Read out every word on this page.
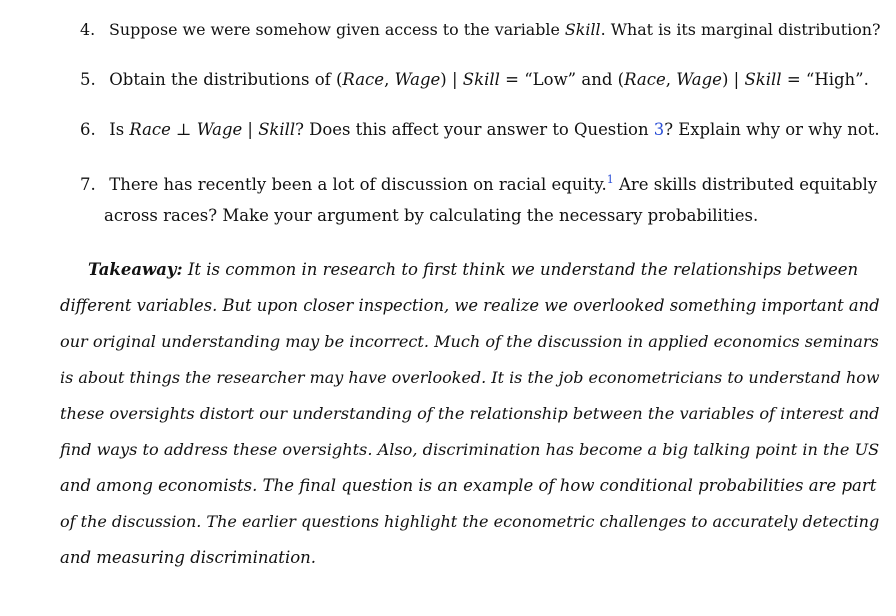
4. Suppose we were somehow given access to the variable Skill. What is its marginal distribution?
5. Obtain the distributions of (Race, Wage) | Skill = “Low” and (Race, Wage) | Skill = “High”.
6. Is Race ⊥ Wage | Skill? Does this affect your answer to Question 3? Explain why or why not.
7. There has recently been a lot of discussion on racial equity.$^1$ Are skills distributed equitably
across races? Make your argument by calculating the necessary probabilities.
Takeaway: It is common in research to first think we understand the relationships between
different variables. But upon closer inspection, we realize we overlooked something important and
our original understanding may be incorrect. Much of the discussion in applied economics seminars
is about things the researcher may have overlooked. It is the job econometricians to understand how
these oversights distort our understanding of the relationship between the variables of interest and
find ways to address these oversights. Also, discrimination has become a big talking point in the US
and among economists. The final question is an example of how conditional probabilities are part
of the discussion. The earlier questions highlight the econometric challenges to accurately detecting
and measuring discrimination.
